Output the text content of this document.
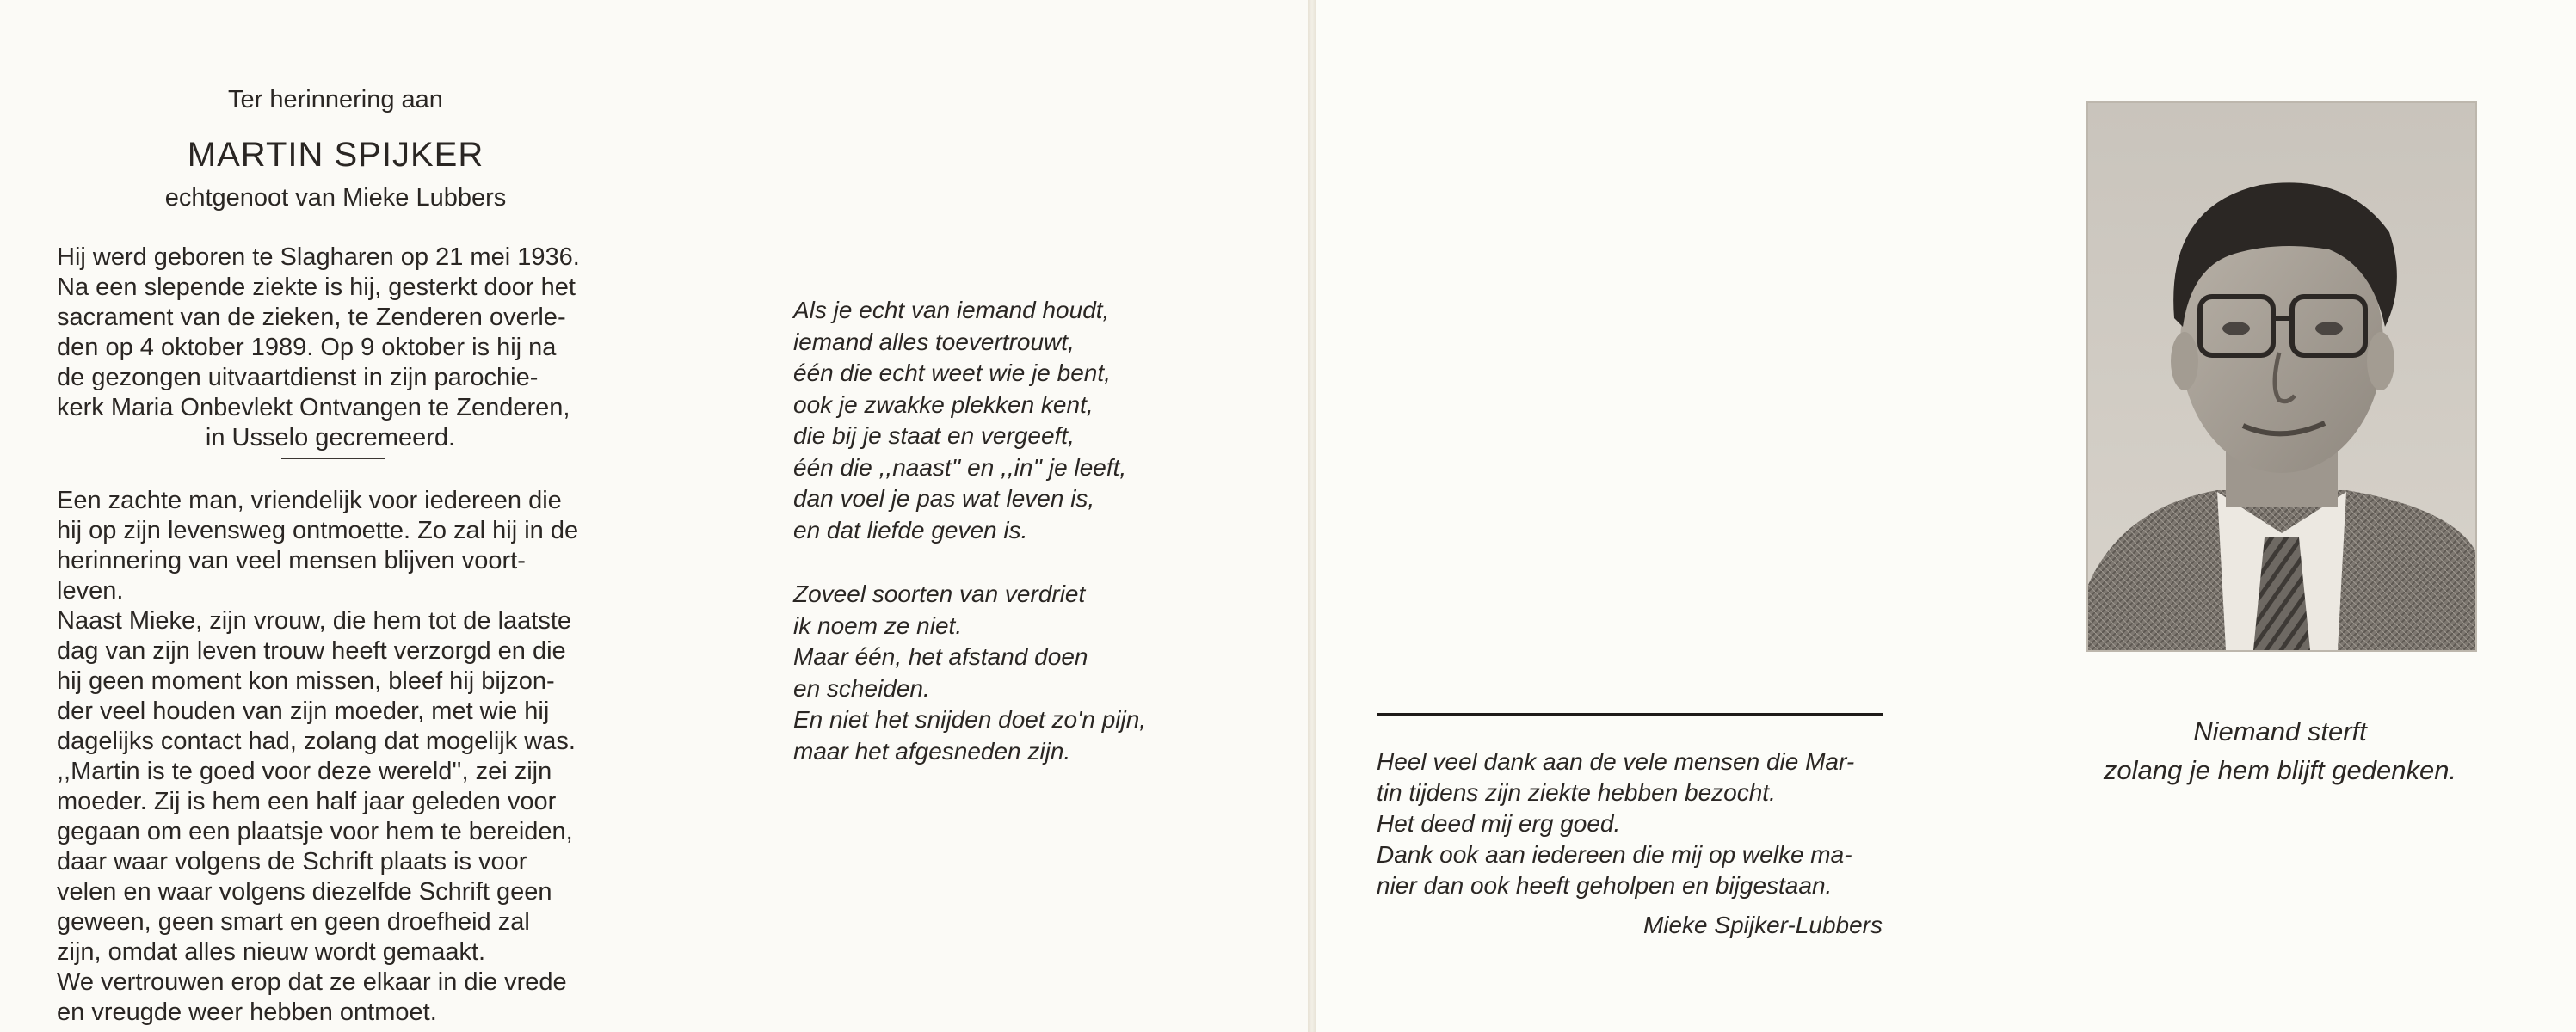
Ter herinnering aan
MARTIN SPIJKER
echtgenoot van Mieke Lubbers
Hij werd geboren te Slagharen op 21 mei 1936.
Na een slepende ziekte is hij, gesterkt door het
sacrament van de zieken, te Zenderen overle-
den op 4 oktober 1989. Op 9 oktober is hij na
de gezongen uitvaartdienst in zijn parochie-
kerk Maria Onbevlekt Ontvangen te Zenderen,
in Usselo gecremeerd.
Een zachte man, vriendelijk voor iedereen die
hij op zijn levensweg ontmoette. Zo zal hij in de
herinnering van veel mensen blijven voort-
leven.
Naast Mieke, zijn vrouw, die hem tot de laatste
dag van zijn leven trouw heeft verzorgd en die
hij geen moment kon missen, bleef hij bijzon-
der veel houden van zijn moeder, met wie hij
dagelijks contact had, zolang dat mogelijk was.
,,Martin is te goed voor deze wereld'', zei zijn
moeder. Zij is hem een half jaar geleden voor
gegaan om een plaatsje voor hem te bereiden,
daar waar volgens de Schrift plaats is voor
velen en waar volgens diezelfde Schrift geen
geween, geen smart en geen droefheid zal
zijn, omdat alles nieuw wordt gemaakt.
We vertrouwen erop dat ze elkaar in die vrede
en vreugde weer hebben ontmoet.
Als je echt van iemand houdt,
iemand alles toevertrouwt,
één die echt weet wie je bent,
ook je zwakke plekken kent,
die bij je staat en vergeeft,
één die ,,naast'' en ,,in'' je leeft,
dan voel je pas wat leven is,
en dat liefde geven is.
Zoveel soorten van verdriet
ik noem ze niet.
Maar één, het afstand doen
en scheiden.
En niet het snijden doet zo'n pijn,
maar het afgesneden zijn.	Heel veel dank aan de vele mensen die Mar-
tin tijdens zijn ziekte hebben bezocht.
Het deed mij erg goed.
Dank ook aan iedereen die mij op welke ma-
nier dan ook heeft geholpen en bijgestaan.
Mieke Spijker-Lubbers
Niemand sterft
zolang je hem blijft gedenken.
